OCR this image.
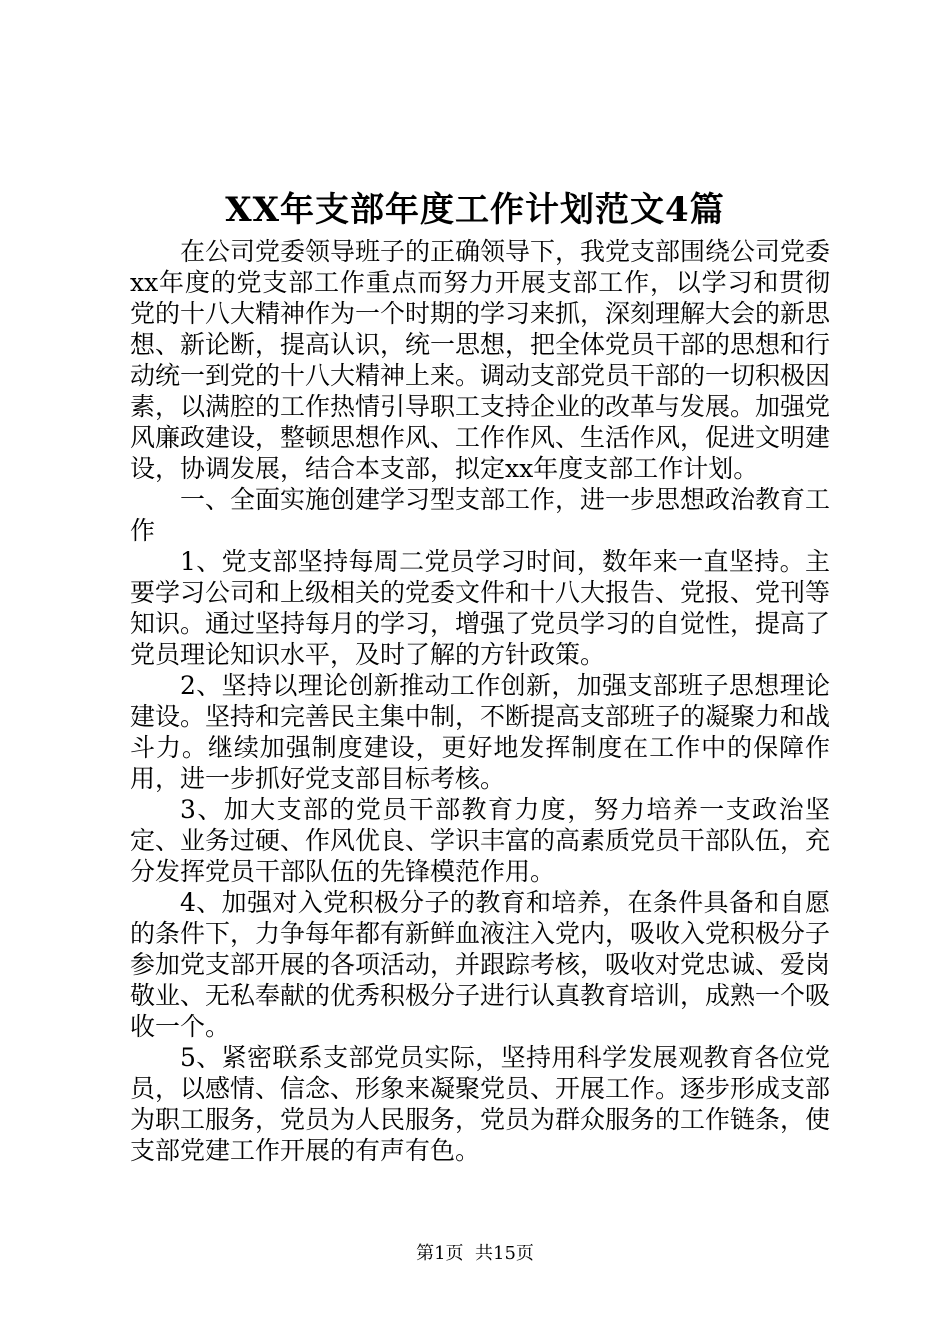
XX年支部年度工作计划范文4篇

在公司党委领导班子的正确领导下，我党支部围绕公司党委xx年度的党支部工作重点而努力开展支部工作，以学习和贯彻党的十八大精神作为一个时期的学习来抓，深刻理解大会的新思想、新论断，提高认识，统一思想，把全体党员干部的思想和行动统一到党的十八大精神上来。调动支部党员干部的一切积极因素，以满腔的工作热情引导职工支持企业的改革与发展。加强党风廉政建设，整顿思想作风、工作作风、生活作风，促进文明建设，协调发展，结合本支部，拟定xx年度支部工作计划。

一、全面实施创建学习型支部工作，进一步思想政治教育工作

1、党支部坚持每周二党员学习时间，数年来一直坚持。主要学习公司和上级相关的党委文件和十八大报告、党报、党刊等知识。通过坚持每月的学习，增强了党员学习的自觉性，提高了党员理论知识水平，及时了解的方针政策。

2、坚持以理论创新推动工作创新，加强支部班子思想理论建设。坚持和完善民主集中制，不断提高支部班子的凝聚力和战斗力。继续加强制度建设，更好地发挥制度在工作中的保障作用，进一步抓好党支部目标考核。

3、加大支部的党员干部教育力度，努力培养一支政治坚定、业务过硬、作风优良、学识丰富的高素质党员干部队伍，充分发挥党员干部队伍的先锋模范作用。

4、加强对入党积极分子的教育和培养，在条件具备和自愿的条件下，力争每年都有新鲜血液注入党内，吸收入党积极分子参加党支部开展的各项活动，并跟踪考核，吸收对党忠诚、爱岗敬业、无私奉献的优秀积极分子进行认真教育培训，成熟一个吸收一个。

5、紧密联系支部党员实际，坚持用科学发展观教育各位党员，以感情、信念、形象来凝聚党员、开展工作。逐步形成支部为职工服务，党员为人民服务，党员为群众服务的工作链条，使支部党建工作开展的有声有色。

第1页 共15页
